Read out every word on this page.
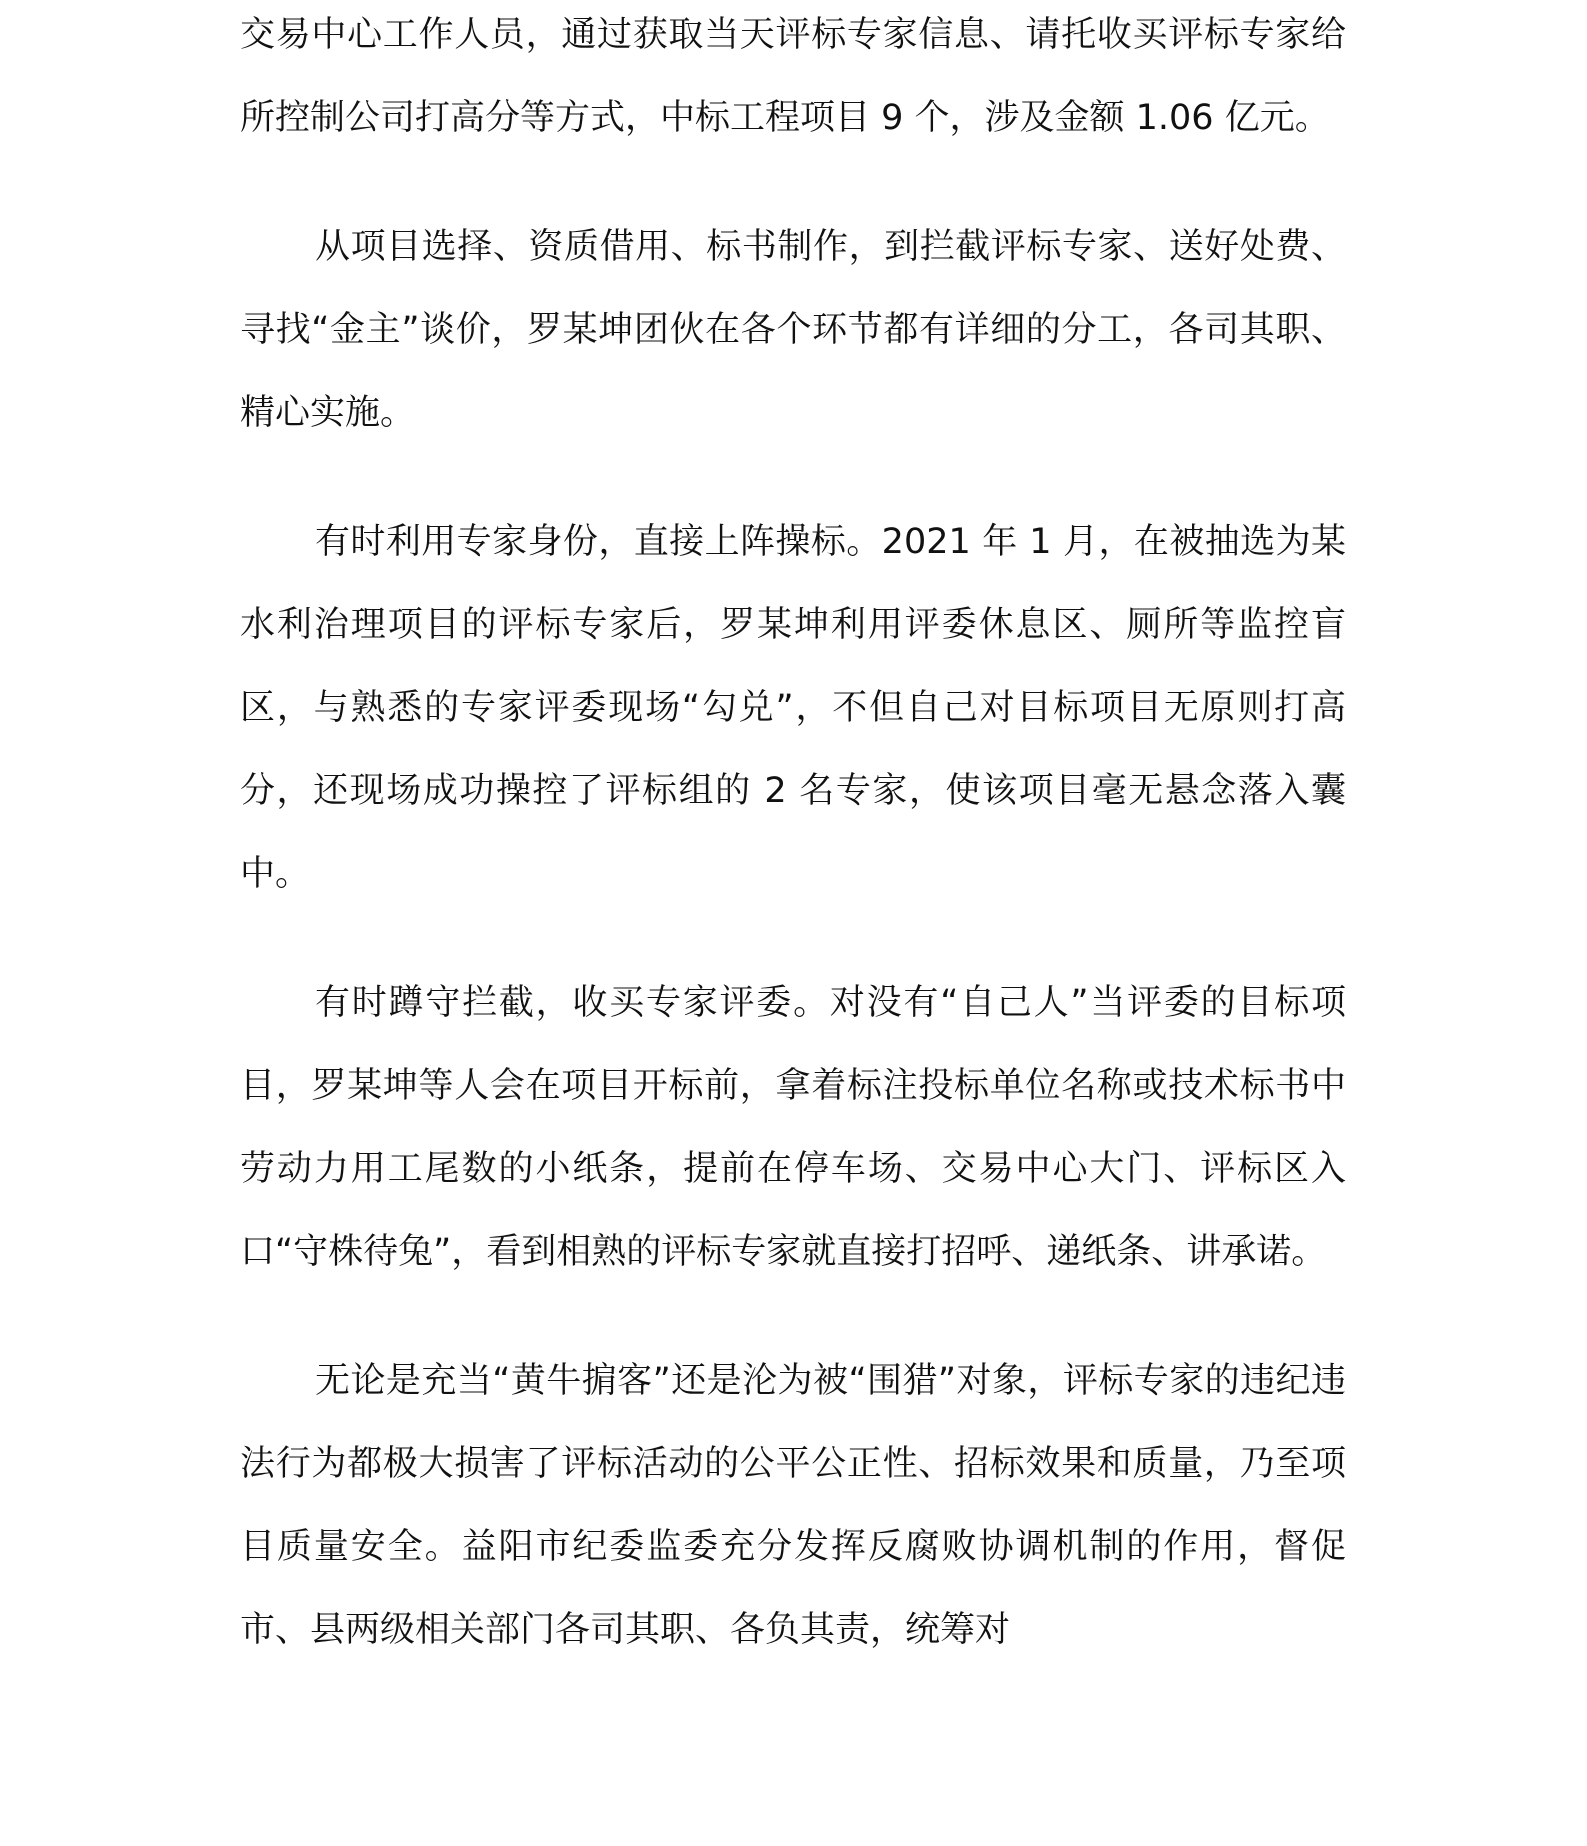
交易中心工作人员，通过获取当天评标专家信息、请托收买评标专家给所控制公司打高分等方式，中标工程项目 9 个，涉及金额 1.06 亿元。

从项目选择、资质借用、标书制作，到拦截评标专家、送好处费、寻找“金主”谈价，罗某坤团伙在各个环节都有详细的分工，各司其职、精心实施。

有时利用专家身份，直接上阵操标。2021 年 1 月，在被抽选为某水利治理项目的评标专家后，罗某坤利用评委休息区、厕所等监控盲区，与熟悉的专家评委现场“勾兑”，不但自己对目标项目无原则打高分，还现场成功操控了评标组的 2 名专家，使该项目毫无悬念落入囊中。

有时蹲守拦截，收买专家评委。对没有“自己人”当评委的目标项目，罗某坤等人会在项目开标前，拿着标注投标单位名称或技术标书中劳动力用工尾数的小纸条，提前在停车场、交易中心大门、评标区入口“守株待兔”，看到相熟的评标专家就直接打招呼、递纸条、讲承诺。

无论是充当“黄牛掮客”还是沦为被“围猎”对象，评标专家的违纪违法行为都极大损害了评标活动的公平公正性、招标效果和质量，乃至项目质量安全。益阳市纪委监委充分发挥反腐败协调机制的作用，督促市、县两级相关部门各司其职、各负其责，统筹对
